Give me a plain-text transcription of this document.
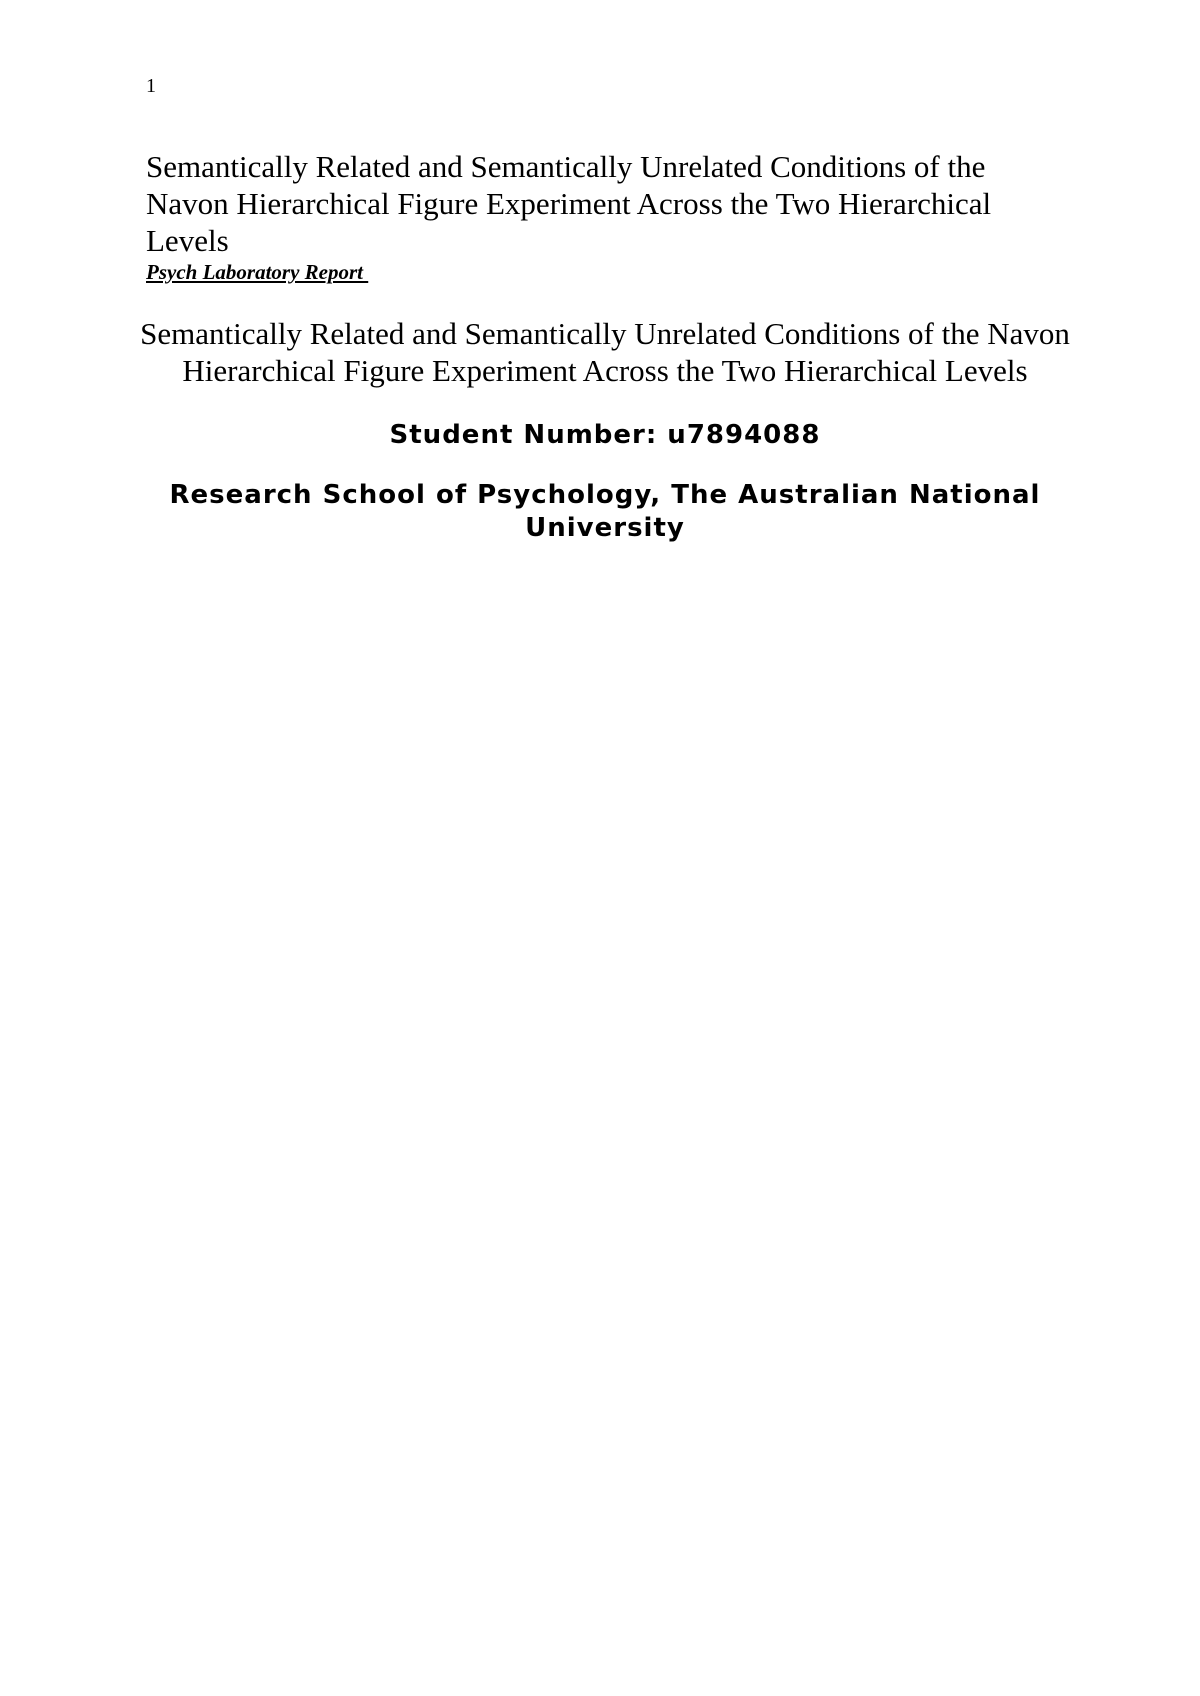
1
Semantically Related and Semantically Unrelated Conditions of the Navon Hierarchical Figure Experiment Across the Two Hierarchical Levels
Psych Laboratory Report
Semantically Related and Semantically Unrelated Conditions of the Navon Hierarchical Figure Experiment Across the Two Hierarchical Levels
Student Number: u7894088
Research School of Psychology, The Australian National University
